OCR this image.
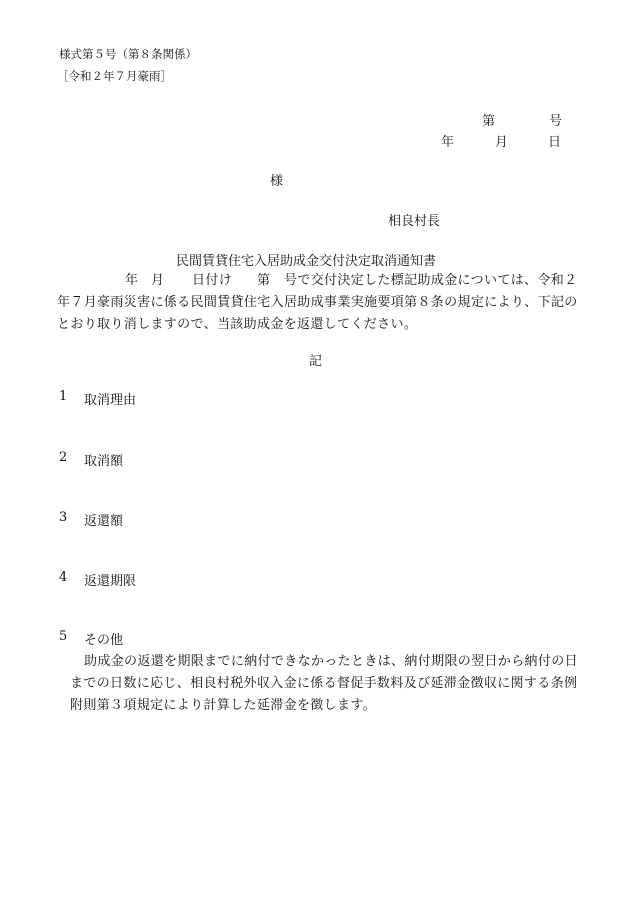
様式第５号（第８条関係）
［令和２年７月豪雨］
第	号
年	月	日
様
相良村長
民間賃貸住宅入居助成金交付決定取消通知書
年 月 日付け 第 号で交付決定した標記助成金については、令和２
年７月豪雨災害に係る民間賃貸住宅入居助成事業実施要項第８条の規定により、下記の
とおり取り消しますので、当該助成金を返還してください。
記
1 取消理由
2 取消額
3 返還額
4 返還期限
5 その他
助成金の返還を期限までに納付できなかったときは、納付期限の翌日から納付の日
までの日数に応じ、相良村税外収入金に係る督促手数料及び延滞金徴収に関する条例
附則第３項規定により計算した延滞金を徴します。
